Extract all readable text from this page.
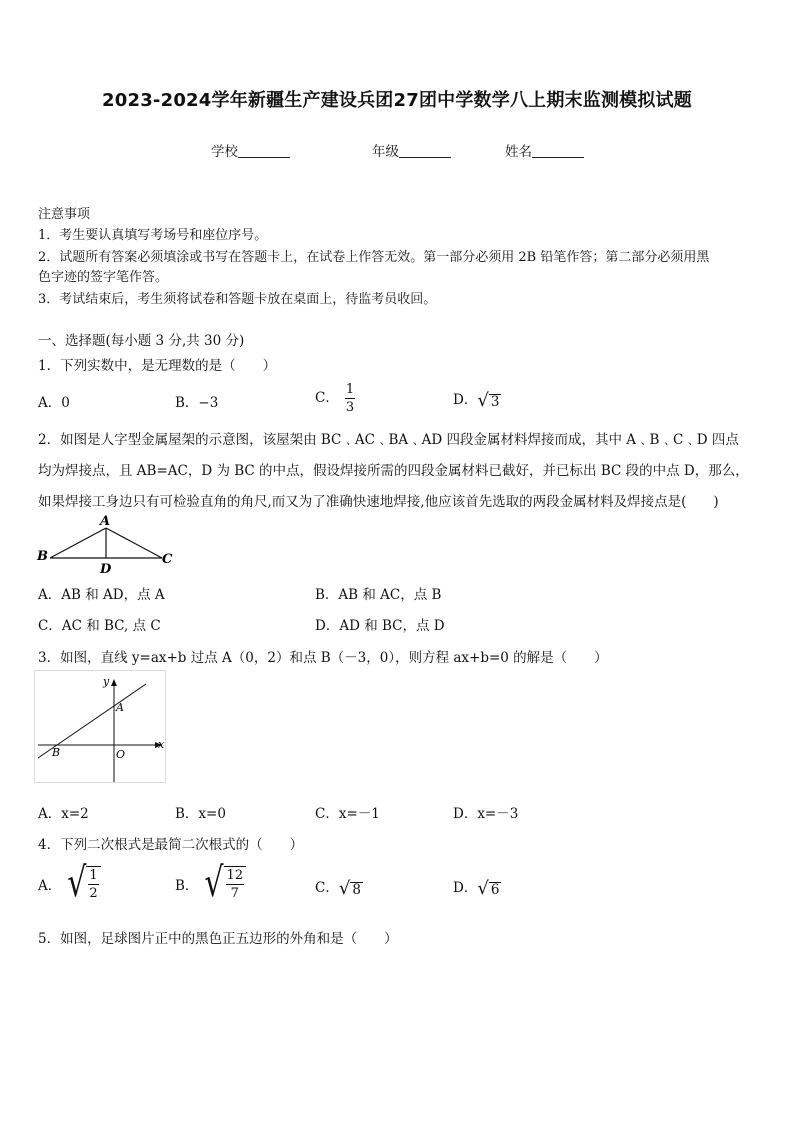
2023-2024学年新疆生产建设兵团27团中学数学八上期末监测模拟试题
学校	年级	姓名
注意事项
1．考生要认真填写考场号和座位序号。
2．试题所有答案必须填涂或书写在答题卡上，在试卷上作答无效。第一部分必须用 2B 铅笔作答；第二部分必须用黑
色字迹的签字笔作答。
3．考试结束后，考生须将试卷和答题卡放在桌面上，待监考员收回。
一、选择题(每小题 3 分,共 30 分)
1．下列实数中，是无理数的是（　　）
A．0	B．−3	C． $\frac{1}{3}$	D．√ 3
2．如图是人字型金属屋架的示意图，该屋架由 BC﹑AC﹑BA﹑AD 四段金属材料焊接而成，其中 A﹑B﹑C﹑D 四点
均为焊接点，且 AB=AC，D 为 BC 的中点，假设焊接所需的四段金属材料已截好，并已标出 BC 段的中点 D，那么，
如果焊接工身边只有可检验直角的角尺,而又为了准确快速地焊接,他应该首先选取的两段金属材料及焊接点是(　　)
A
B	C
D
A．AB 和 AD，点 A	B．AB 和 AC，点 B
C．AC 和 BC, 点 C	D．AD 和 BC，点 D
3．如图，直线 y=ax+b 过点 A（0，2）和点 B（－3，0），则方程 ax+b=0 的解是（　　）
x
y
A
B	O
A．x=2	B．x=0	C．x=－1	D．x=－3
4．下列二次根式是最简二次根式的（　　）
A． √ $\frac{1}{2}$	B． √ $\frac{12}{7}$	C．√ 8	D．√ 6
5．如图，足球图片正中的黑色正五边形的外角和是（　　）
